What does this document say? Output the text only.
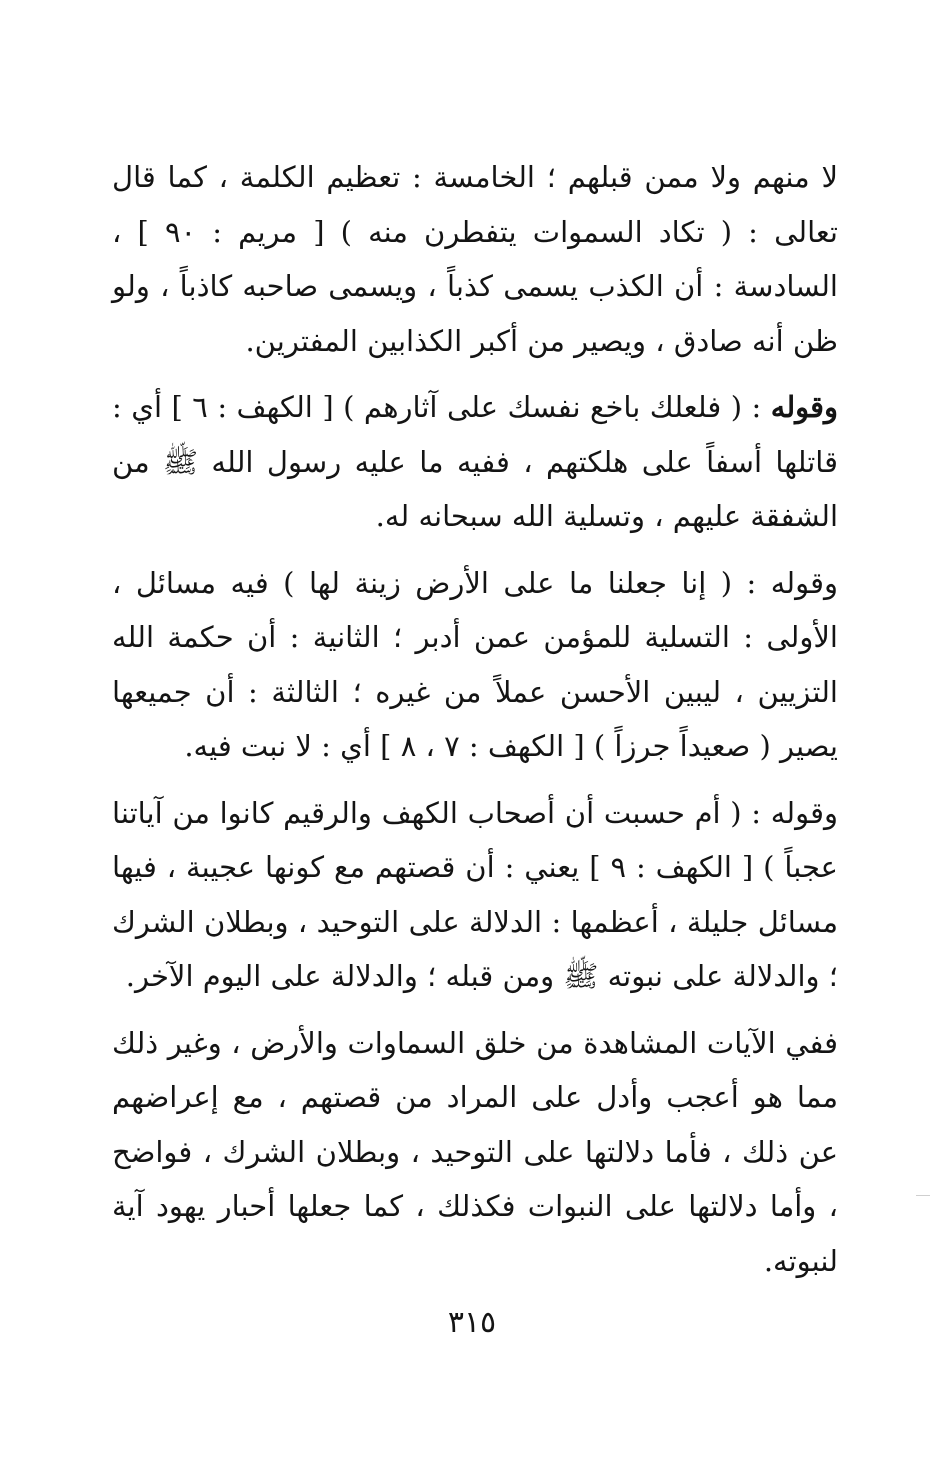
لا منهم ولا ممن قبلهم ؛ الخامسة : تعظيم الكلمة ، كما قال تعالى : ( تكاد السموات يتفطرن منه ) [ مريم : ٩٠ ] ، السادسة : أن الكذب يسمى كذباً ، ويسمى صاحبه كاذباً ، ولو ظن أنه صادق ، ويصير من أكبر الكذابين المفترين.

وقوله : ( فلعلك باخع نفسك على آثارهم ) [ الكهف : ٦ ] أي : قاتلها أسفاً على هلكتهم ، ففيه ما عليه رسول الله ﷺ من الشفقة عليهم ، وتسلية الله سبحانه له.

وقوله : ( إنا جعلنا ما على الأرض زينة لها ) فيه مسائل ، الأولى : التسلية للمؤمن عمن أدبر ؛ الثانية : أن حكمة الله التزيين ، ليبين الأحسن عملاً من غيره ؛ الثالثة : أن جميعها يصير ( صعيداً جرزاً ) [ الكهف : ٧ ، ٨ ] أي : لا نبت فيه.

وقوله : ( أم حسبت أن أصحاب الكهف والرقيم كانوا من آياتنا عجباً ) [ الكهف : ٩ ] يعني : أن قصتهم مع كونها عجيبة ، فيها مسائل جليلة ، أعظمها : الدلالة على التوحيد ، وبطلان الشرك ؛ والدلالة على نبوته ﷺ ومن قبله ؛ والدلالة على اليوم الآخر.

ففي الآيات المشاهدة من خلق السماوات والأرض ، وغير ذلك مما هو أعجب وأدل على المراد من قصتهم ، مع إعراضهم عن ذلك ، فأما دلالتها على التوحيد ، وبطلان الشرك ، فواضح ، وأما دلالتها على النبوات فكذلك ، كما جعلها أحبار يهود آية لنبوته.

٣١٥
